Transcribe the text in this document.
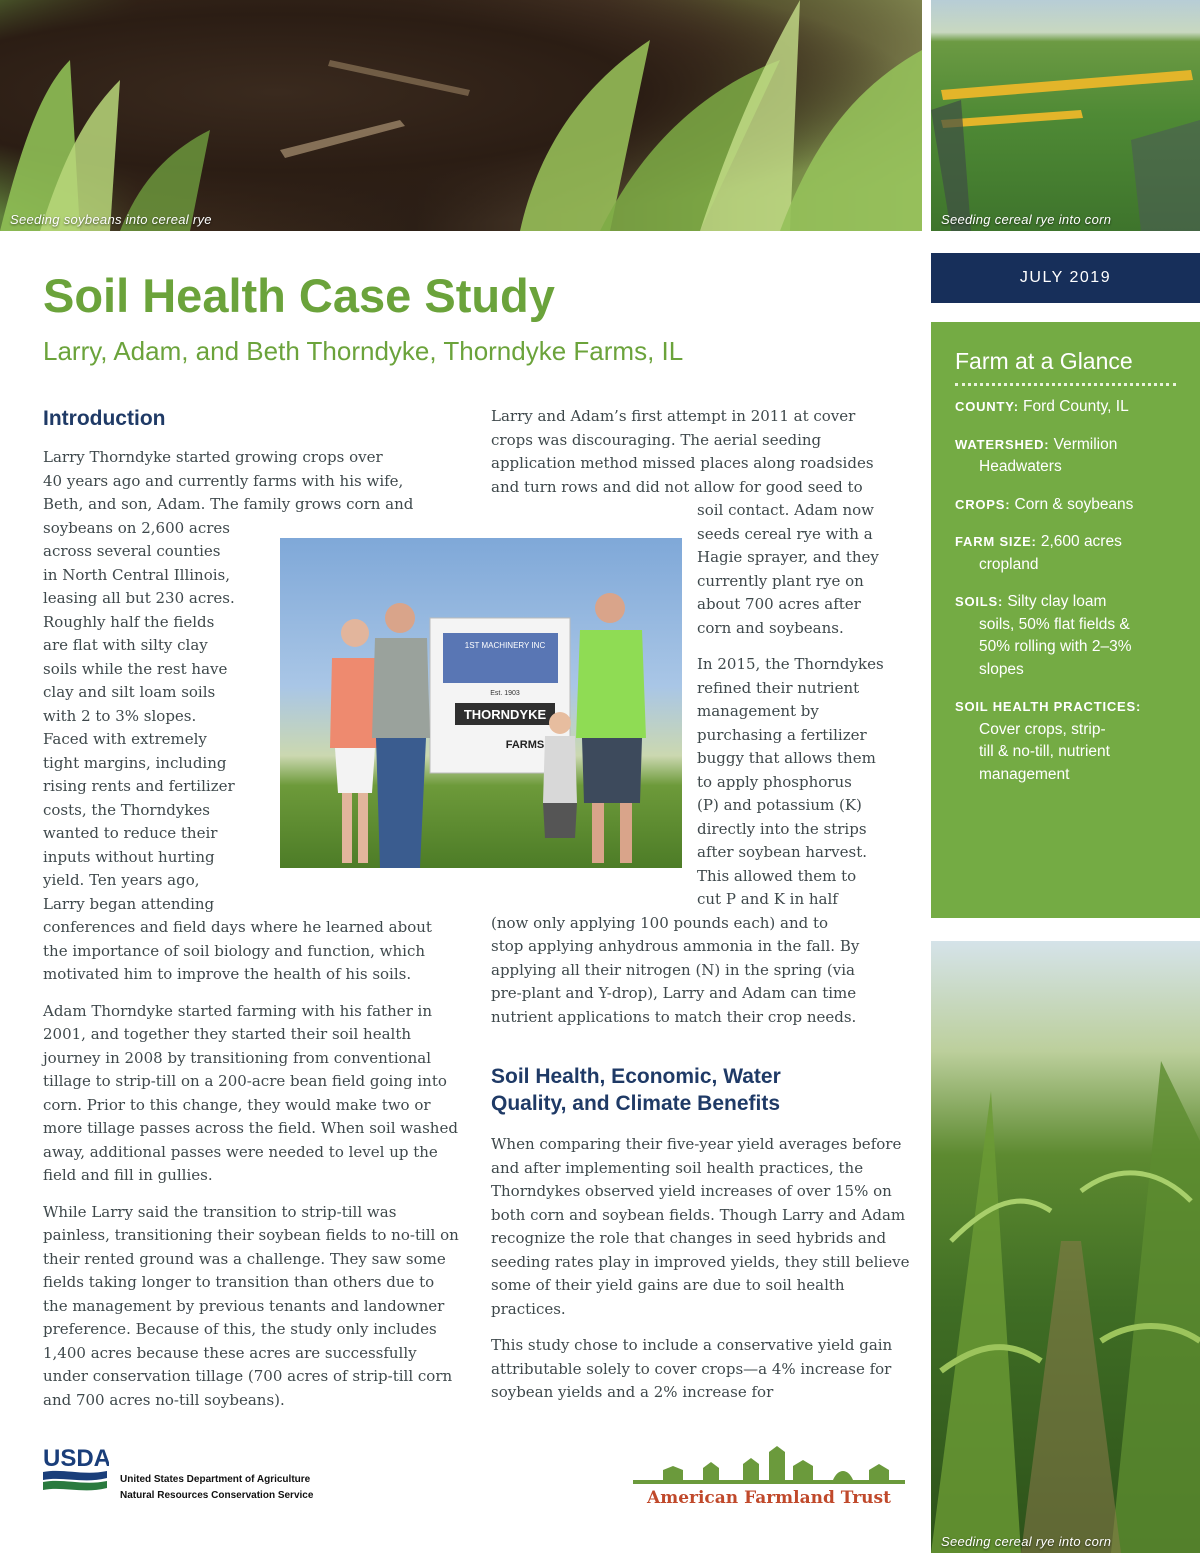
Seeding soybeans into cereal rye	Seeding cereal rye into corn
Soil Health Case Study
Larry, Adam, and Beth Thorndyke, Thorndyke Farms, IL
JULY 2019
Farm at a Glance
COUNTY: Ford County, IL
WATERSHED: Vermilion
Headwaters
CROPS: Corn & soybeans
FARM SIZE: 2,600 acres
cropland
SOILS: Silty clay loam
soils, 50% flat fields &
50% rolling with 2–3%
slopes
SOIL HEALTH PRACTICES:
Cover crops, strip-
till & no-till, nutrient
management
Seeding cereal rye into corn
Introduction
Larry Thorndyke started growing crops over
40 years ago and currently farms with his wife,
Beth, and son, Adam. The family grows corn and
soybeans on 2,600 acres
across several counties
in North Central Illinois,
leasing all but 230 acres.
Roughly half the fields
are flat with silty clay
soils while the rest have
clay and silt loam soils
with 2 to 3% slopes.
Faced with extremely
tight margins, including
rising rents and fertilizer
costs, the Thorndykes
wanted to reduce their
inputs without hurting
yield. Ten years ago,
Larry began attending
conferences and field days where he learned about
the importance of soil biology and function, which
motivated him to improve the health of his soils.

Adam Thorndyke started farming with his father in 2001, and together they started their soil health journey in 2008 by transitioning from conventional tillage to strip-till on a 200-acre bean field going into corn. Prior to this change, they would make two or more tillage passes across the field. When soil washed away, additional passes were needed to level up the field and fill in gullies.

While Larry said the transition to strip-till was painless, transitioning their soybean fields to no-till on their rented ground was a challenge. They saw some fields taking longer to transition than others due to the management by previous tenants and landowner preference. Because of this, the study only includes 1,400 acres because these acres are successfully under conservation tillage (700 acres of strip-till corn and 700 acres no-till soybeans).

1ST MACHINERY INC
THORNDYKE
FARMS
Est. 1903
Larry and Adam’s first attempt in 2011 at cover
crops was discouraging. The aerial seeding
application method missed places along roadsides
and turn rows and did not allow for good seed to
soil contact. Adam now
seeds cereal rye with a
Hagie sprayer, and they
currently plant rye on
about 700 acres after
corn and soybeans.
In 2015, the Thorndykes
refined their nutrient
management by
purchasing a fertilizer
buggy that allows them
to apply phosphorus
(P) and potassium (K)
directly into the strips
after soybean harvest.
This allowed them to
cut P and K in half
(now only applying 100 pounds each) and to
stop applying anhydrous ammonia in the fall. By
applying all their nitrogen (N) in the spring (via
pre-plant and Y-drop), Larry and Adam can time
nutrient applications to match their crop needs.
Soil Health, Economic, Water
Quality, and Climate Benefits

When comparing their five-year yield averages before and after implementing soil health practices, the Thorndykes observed yield increases of over 15% on both corn and soybean fields. Though Larry and Adam recognize the role that changes in seed hybrids and seeding rates play in improved yields, they still believe some of their yield gains are due to soil health practices.

This study chose to include a conservative yield gain attributable solely to cover crops—a 4% increase for soybean yields and a 2% increase for

USDA
United States Department of Agriculture
Natural Resources Conservation Service	American Farmland Trust
